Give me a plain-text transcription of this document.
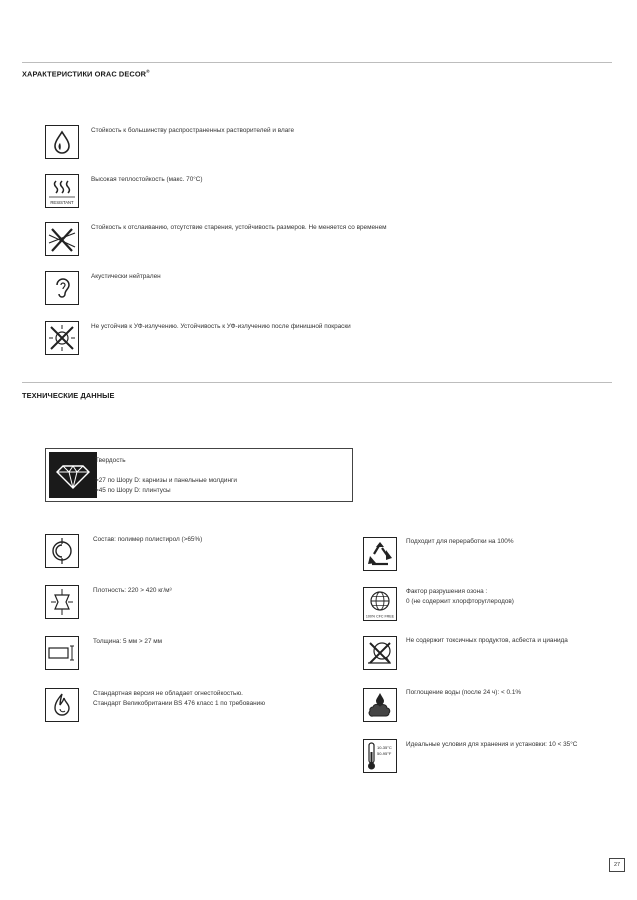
ХАРАКТЕРИСТИКИ ORAC DECOR®
Стойкость к большинству распространенных растворителей и влаге
RESISTANT
Высокая теплостойкость (макс. 70°C)
Стойкость к отслаиванию, отсутствие старения, устойчивость размеров. Не меняется со временем
Акустически нейтрален
Не устойчив к УФ-излучению. Устойчивость к УФ-излучению после финишной покраски
ТЕХНИЧЕСКИЕ ДАННЫЕ
Твердость
>27 по Шору D: карнизы и панельные молдинги
>45 по Шору D: плинтусы
Состав: полимер полистирол (>65%)
Плотность: 220 > 420 кг/м³
Толщина: 5 мм > 27 мм
Стандартная версия не обладает огнестойкостью.
Стандарт Великобритании BS 476 класс 1 по требованию
Подходит для переработки на 100%
100% CFC FREE
Фактор разрушения озона :
0 (не содержит хлорфторуглеродов)
Не содержит токсичных продуктов, асбеста и цианида
Поглощение воды (после 24 ч): < 0.1%
10-35°C
50-95°F
Идеальные условия для хранения и установки: 10 < 35°C
27
